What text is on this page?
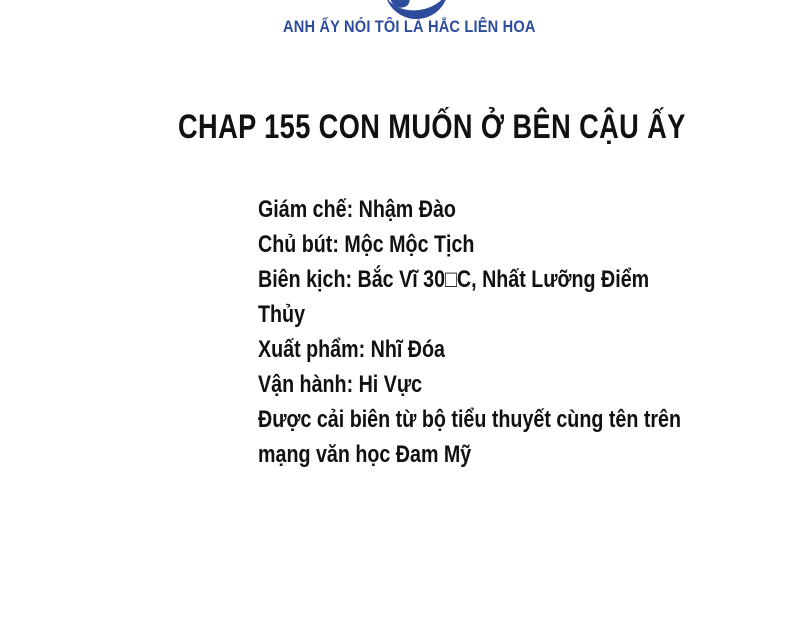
ANH ẤY NÓI TÔI LÀ HẮC LIÊN HOA
CHAP 155 CON MUỐN Ở BÊN CẬU ẤY
Giám chế: Nhậm Đào
Chủ bút: Mộc Mộc Tịch
Biên kịch: Bắc Vĩ 30□C, Nhất Lưỡng Điểm
Thủy
Xuất phẩm: Nhĩ Đóa
Vận hành: Hi Vực
Được cải biên từ bộ tiểu thuyết cùng tên trên
mạng văn học Đam Mỹ
